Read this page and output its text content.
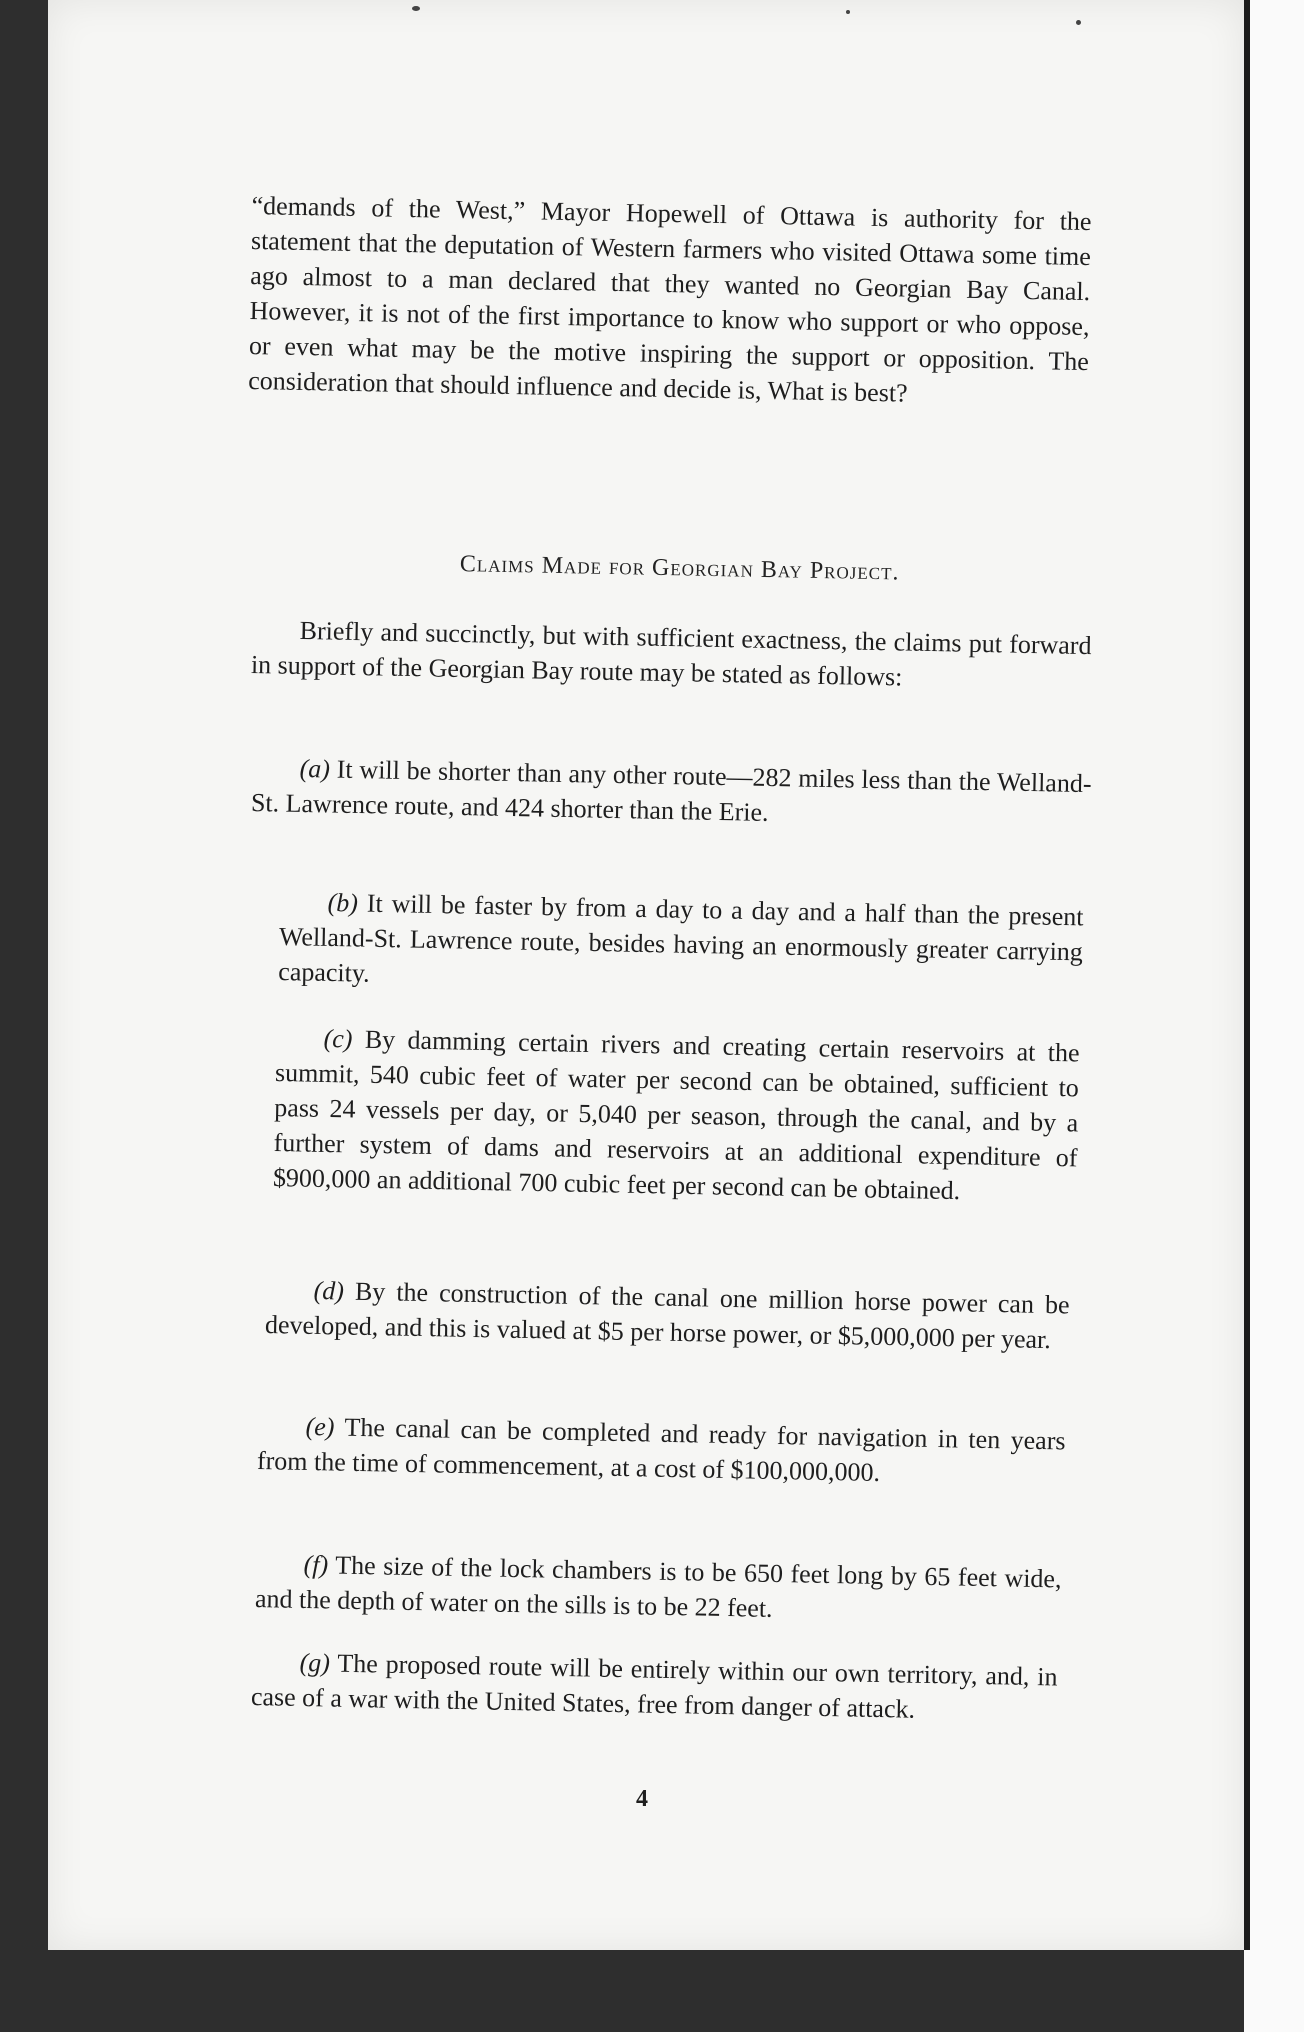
“demands of the West,” Mayor Hopewell of Ottawa is authority for the statement that the deputation of Western farmers who visited Ottawa some time ago almost to a man declared that they wanted no Georgian Bay Canal. However, it is not of the first importance to know who support or who oppose, or even what may be the motive inspiring the support or opposition. The consideration that should influence and decide is, What is best?
Claims Made for Georgian Bay Project.
Briefly and succinctly, but with sufficient exactness, the claims put forward in support of the Georgian Bay route may be stated as follows:
(a) It will be shorter than any other route—282 miles less than the Welland-St. Lawrence route, and 424 shorter than the Erie.
(b) It will be faster by from a day to a day and a half than the present Welland-St. Lawrence route, besides having an enormously greater carrying capacity.
(c) By damming certain rivers and creating certain reservoirs at the summit, 540 cubic feet of water per second can be obtained, sufficient to pass 24 vessels per day, or 5,040 per season, through the canal, and by a further system of dams and reservoirs at an additional expenditure of $900,000 an additional 700 cubic feet per second can be obtained.
(d) By the construction of the canal one million horse power can be developed, and this is valued at $5 per horse power, or $5,000,000 per year.
(e) The canal can be completed and ready for navigation in ten years from the time of commencement, at a cost of $100,000,000.
(f) The size of the lock chambers is to be 650 feet long by 65 feet wide, and the depth of water on the sills is to be 22 feet.
(g) The proposed route will be entirely within our own territory, and, in case of a war with the United States, free from danger of attack.
4
